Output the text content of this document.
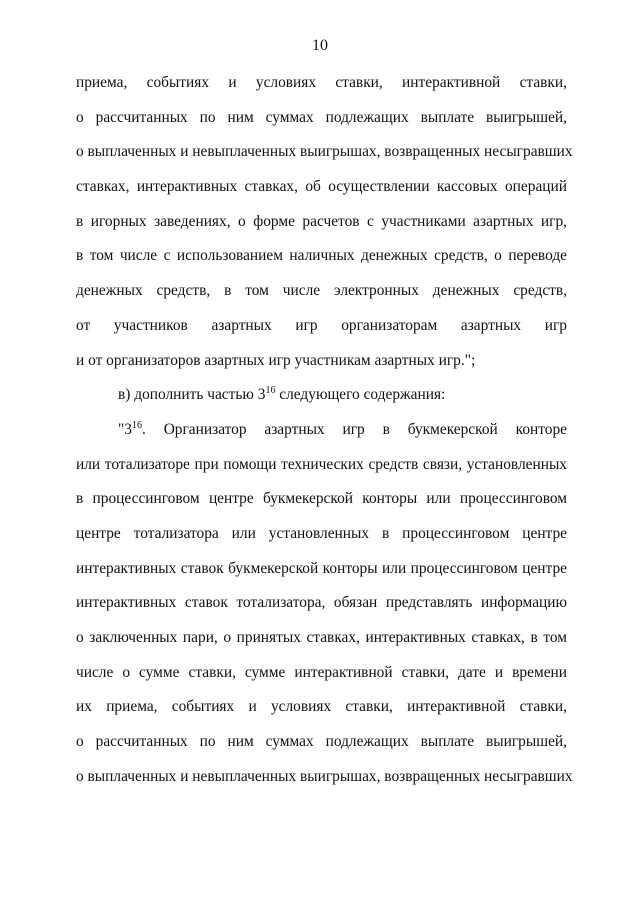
10
приема, событиях и условиях ставки, интерактивной ставки,
о рассчитанных по ним суммах подлежащих выплате выигрышей,
о выплаченных и невыплаченных выигрышах, возвращенных несыгравших
ставках, интерактивных ставках, об осуществлении кассовых операций
в игорных заведениях, о форме расчетов с участниками азартных игр,
в том числе с использованием наличных денежных средств, о переводе
денежных средств, в том числе электронных денежных средств,
от участников азартных игр организаторам азартных игр
и от организаторов азартных игр участникам азартных игр.";
в) дополнить частью $3^{16}$ следующего содержания:
"$3^{16}$. Организатор азартных игр в букмекерской конторе
или тотализаторе при помощи технических средств связи, установленных
в процессинговом центре букмекерской конторы или процессинговом
центре тотализатора или установленных в процессинговом центре
интерактивных ставок букмекерской конторы или процессинговом центре
интерактивных ставок тотализатора, обязан представлять информацию
о заключенных пари, о принятых ставках, интерактивных ставках, в том
числе о сумме ставки, сумме интерактивной ставки, дате и времени
их приема, событиях и условиях ставки, интерактивной ставки,
о рассчитанных по ним суммах подлежащих выплате выигрышей,
о выплаченных и невыплаченных выигрышах, возвращенных несыгравших
